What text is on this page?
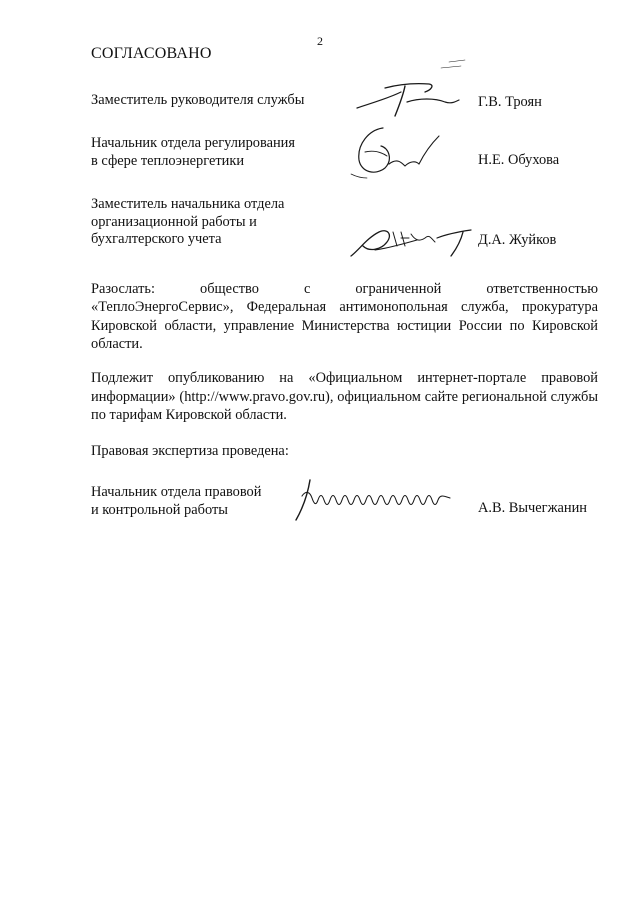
2
СОГЛАСОВАНО
Заместитель руководителя службы	Г.В. Троян
Начальник отдела регулирования
в сфере теплоэнергетики	Н.Е. Обухова
Заместитель начальника отдела
организационной работы и
бухгалтерского учета	Д.А. Жуйков
Разослать:	общество	с	ограниченной	ответственностью
«ТеплоЭнергоСервис», Федеральная антимонопольная служба, прокуратура Кировской области, управление Министерства юстиции России по Кировской области.
Подлежит опубликованию на «Официальном интернет-портале правовой информации» (http://www.pravo.gov.ru), официальном сайте региональной службы по тарифам Кировской области.
Правовая экспертиза проведена:
Начальник отдела правовой
и контрольной работы	А.В. Вычегжанин
